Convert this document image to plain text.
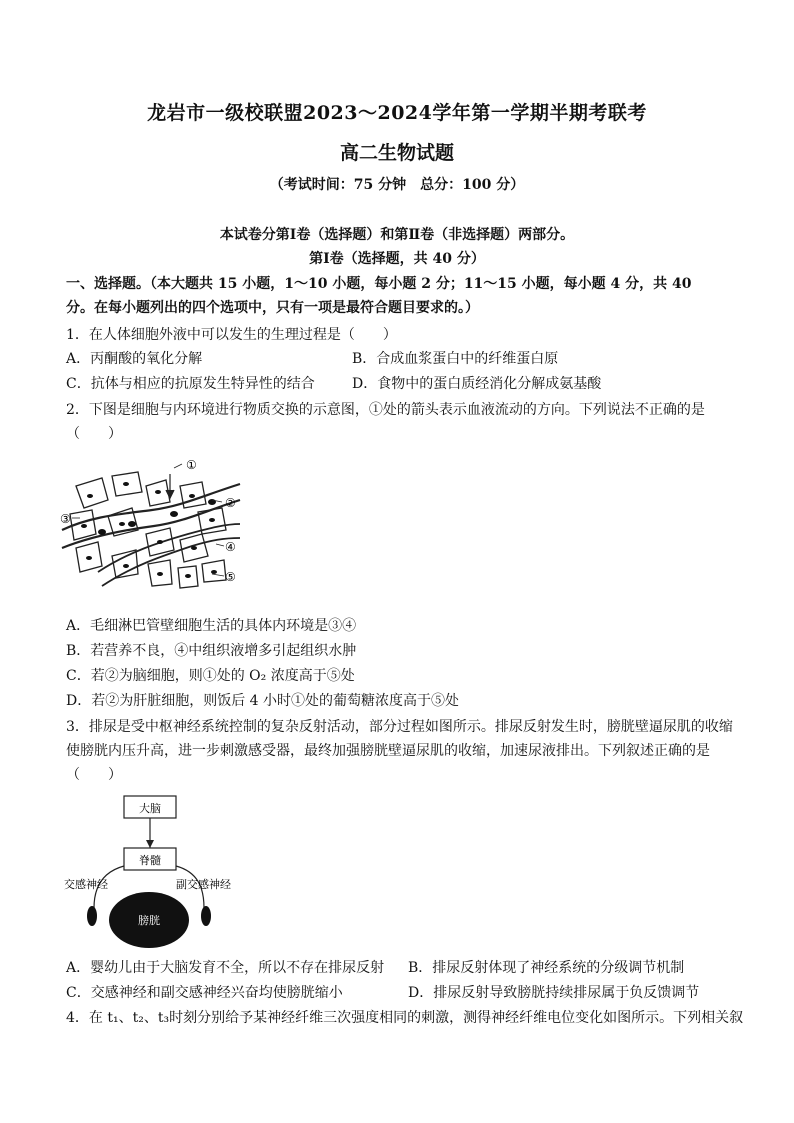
龙岩市一级校联盟2023～2024学年第一学期半期考联考
高二生物试题
（考试时间：75 分钟　总分：100 分）
本试卷分第Ⅰ卷（选择题）和第Ⅱ卷（非选择题）两部分。
第Ⅰ卷（选择题，共 40 分）
一、选择题。（本大题共 15 小题，1～10 小题，每小题 2 分；11～15 小题，每小题 4 分，共 40
分。在每小题列出的四个选项中，只有一项是最符合题目要求的。）
1．在人体细胞外液中可以发生的生理过程是（　　）
A．丙酮酸的氧化分解	B．合成血浆蛋白中的纤维蛋白原
C．抗体与相应的抗原发生特异性的结合	D．食物中的蛋白质经消化分解成氨基酸
2．下图是细胞与内环境进行物质交换的示意图，①处的箭头表示血液流动的方向。下列说法不正确的是
（　　）
①
②
③
④
⑤
A．毛细淋巴管壁细胞生活的具体内环境是③④
B．若营养不良，④中组织液增多引起组织水肿
C．若②为脑细胞，则①处的 O₂ 浓度高于⑤处
D．若②为肝脏细胞，则饭后 4 小时①处的葡萄糖浓度高于⑤处
3．排尿是受中枢神经系统控制的复杂反射活动，部分过程如图所示。排尿反射发生时，膀胱壁逼尿肌的收缩
使膀胱内压升高，进一步刺激感受器，最终加强膀胱壁逼尿肌的收缩，加速尿液排出。下列叙述正确的是
（　　）
大脑
脊髓
交感神经	副交感神经
膀胱
A．婴幼儿由于大脑发育不全，所以不存在排尿反射 B．排尿反射体现了神经系统的分级调节机制
C．交感神经和副交感神经兴奋均使膀胱缩小	D．排尿反射导致膀胱持续排尿属于负反馈调节
4．在 t₁、t₂、t₃时刻分别给予某神经纤维三次强度相同的刺激，测得神经纤维电位变化如图所示。下列相关叙
